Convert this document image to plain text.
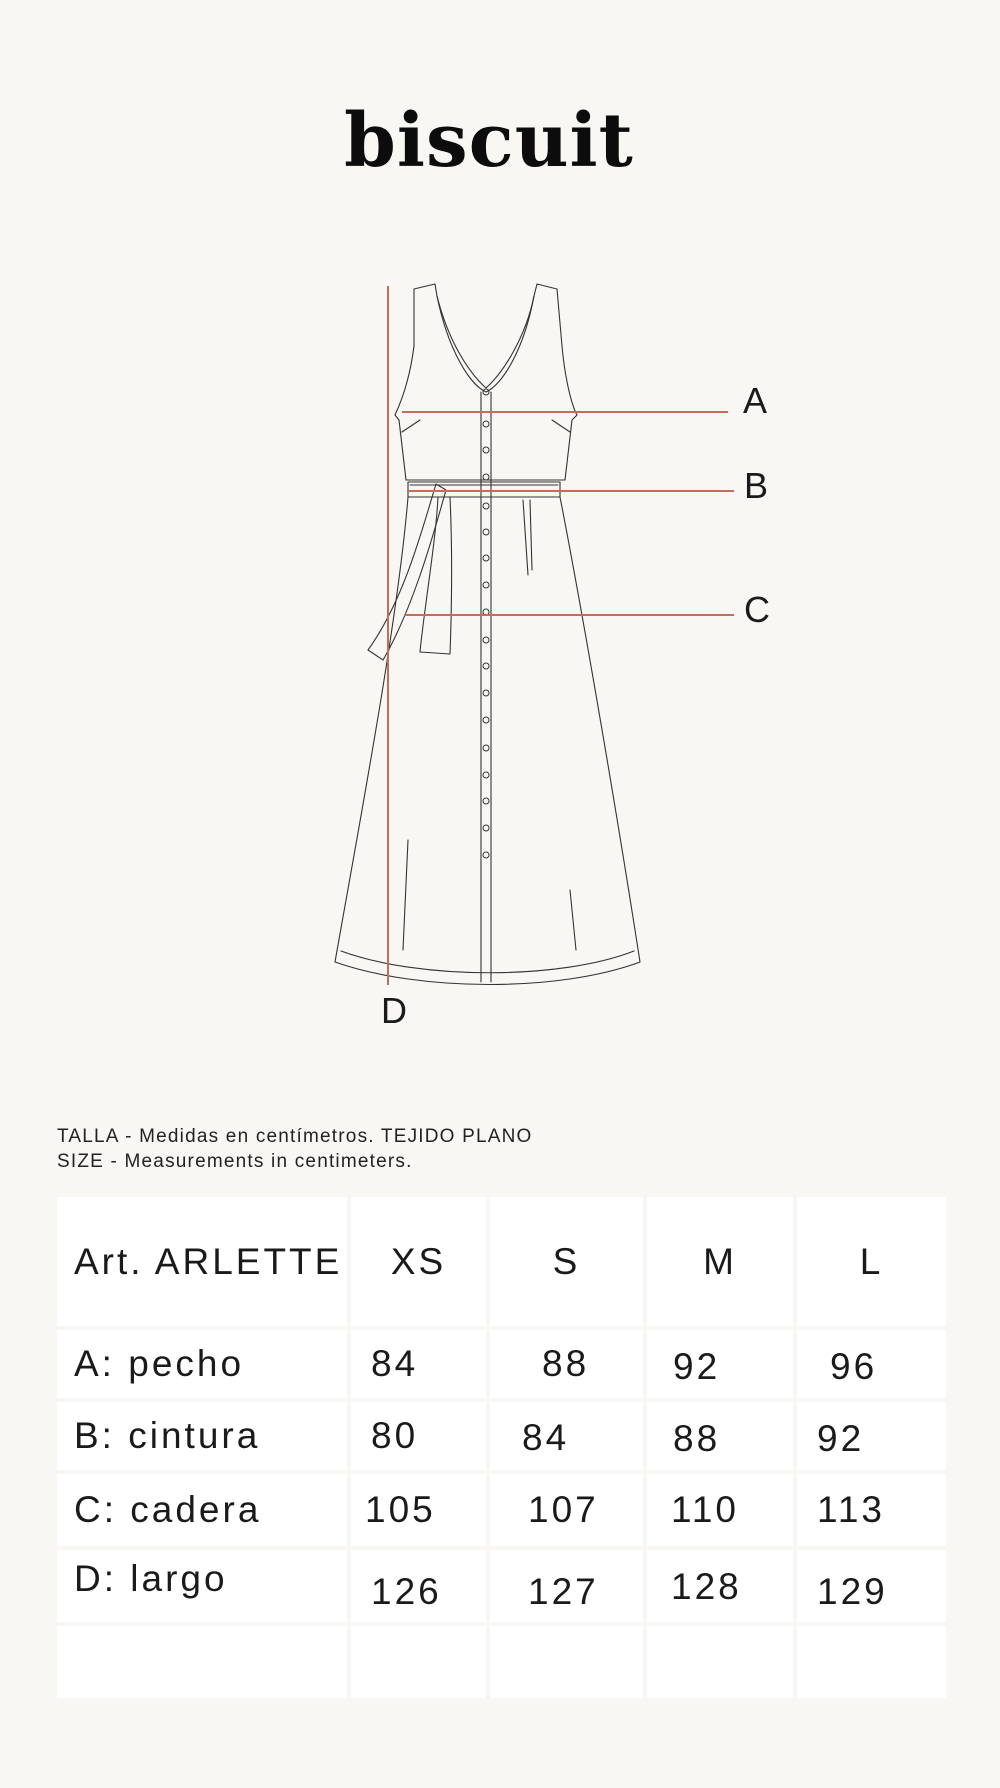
biscuit
A
B
C
D
TALLA - Medidas en centímetros. TEJIDO PLANO
SIZE - Measurements in centimeters.
Art. ARLETTE XS	S	M	L
A: pecho	84	88 92	96
B: cintura	80	84	88	92
C: cadera	105 107 110 113
D: largo	126 127 128 129
